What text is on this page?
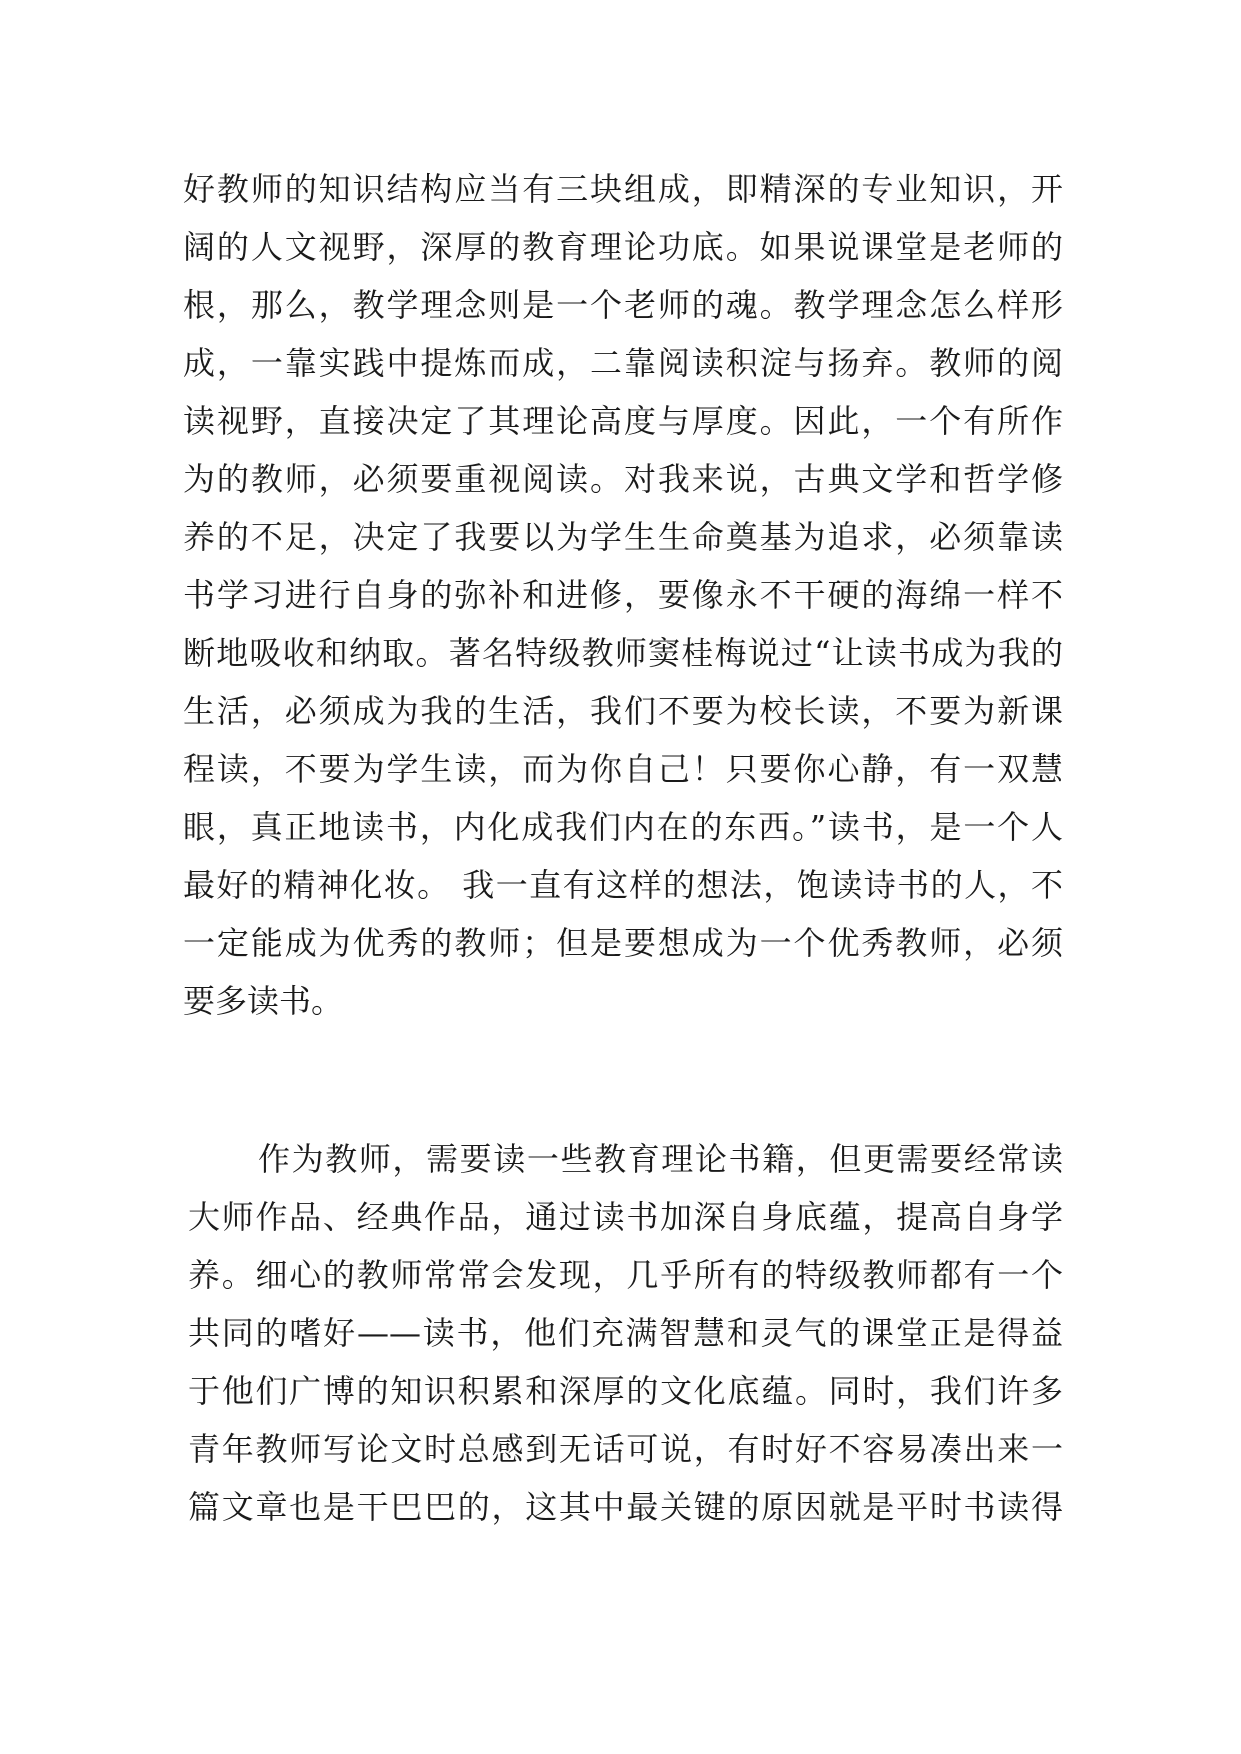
好教师的知识结构应当有三块组成，即精深的专业知识，开
阔的人文视野，深厚的教育理论功底。如果说课堂是老师的
根，那么，教学理念则是一个老师的魂。教学理念怎么样形
成，一靠实践中提炼而成，二靠阅读积淀与扬弃。教师的阅
读视野，直接决定了其理论高度与厚度。因此，一个有所作
为的教师，必须要重视阅读。对我来说，古典文学和哲学修
养的不足，决定了我要以为学生生命奠基为追求，必须靠读
书学习进行自身的弥补和进修，要像永不干硬的海绵一样不
断地吸收和纳取。著名特级教师窦桂梅说过“让读书成为我的
生活，必须成为我的生活，我们不要为校长读，不要为新课
程读，不要为学生读，而为你自己！只要你心静，有一双慧
眼，真正地读书，内化成我们内在的东西。”读书，是一个人
最好的精神化妆。 我一直有这样的想法，饱读诗书的人，不
一定能成为优秀的教师；但是要想成为一个优秀教师，必须
要多读书。
作为教师，需要读一些教育理论书籍，但更需要经常读
大师作品、经典作品，通过读书加深自身底蕴，提高自身学
养。细心的教师常常会发现，几乎所有的特级教师都有一个
共同的嗜好——读书，他们充满智慧和灵气的课堂正是得益
于他们广博的知识积累和深厚的文化底蕴。同时，我们许多
青年教师写论文时总感到无话可说，有时好不容易凑出来一
篇文章也是干巴巴的，这其中最关键的原因就是平时书读得
